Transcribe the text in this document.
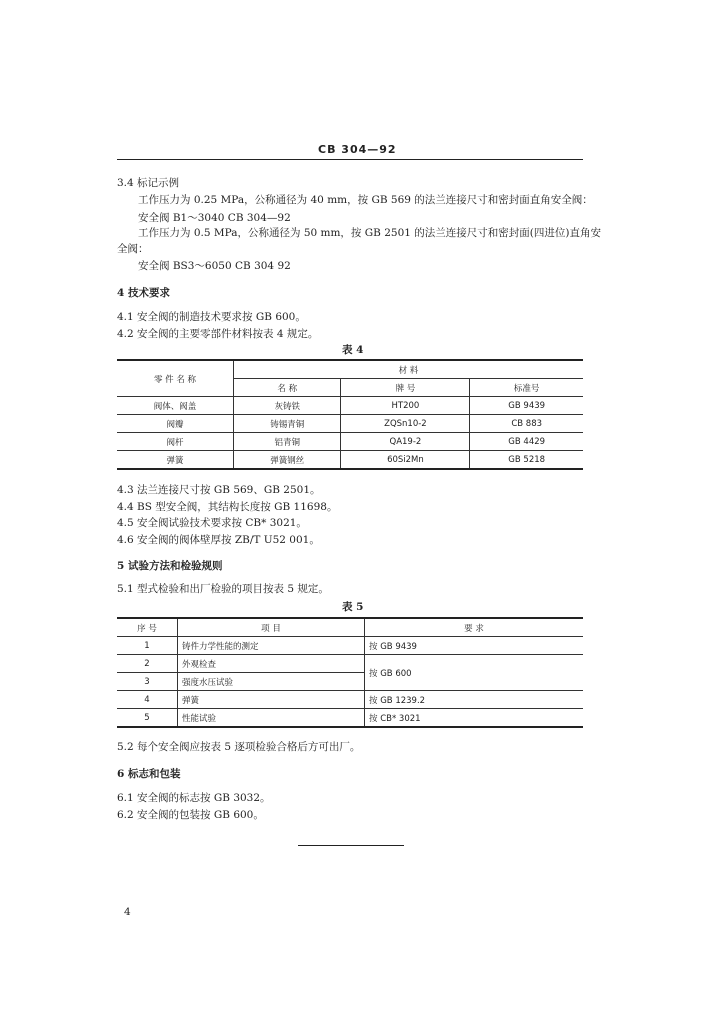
CB 304—92
3.4 标记示例
工作压力为 0.25 MPa，公称通径为 40 mm，按 GB 569 的法兰连接尺寸和密封面直角安全阀：
安全阀 B1～3040 CB 304—92
工作压力为 0.5 MPa，公称通径为 50 mm，按 GB 2501 的法兰连接尺寸和密封面(四进位)直角安
全阀：
安全阀 BS3～6050 CB 304 92
4 技术要求
4.1 安全阀的制造技术要求按 GB 600。
4.2 安全阀的主要零部件材料按表 4 规定。
表 4
零 件 名 称	材 料		
	名 称	牌 号	标准号
阀体、阀盖	灰铸铁	HT200	GB 9439
阀瓣	铸锡青铜	ZQSn10-2	CB 883
阀杆	铝青铜	QA19-2	GB 4429
弹簧	弹簧钢丝	60Si2Mn	GB 5218
4.3 法兰连接尺寸按 GB 569、GB 2501。
4.4 BS 型安全阀，其结构长度按 GB 11698。
4.5 安全阀试验技术要求按 CB* 3021。
4.6 安全阀的阀体壁厚按 ZB/T U52 001。
5 试验方法和检验规则
5.1 型式检验和出厂检验的项目按表 5 规定。
表 5
序 号	项 目	要 求
1	铸件力学性能的测定	按 GB 9439
2	外观检查	按 GB 600
3	强度水压试验	
4	弹簧	按 GB 1239.2
5	性能试验	按 CB* 3021
5.2 每个安全阀应按表 5 逐项检验合格后方可出厂。
6 标志和包装
6.1 安全阀的标志按 GB 3032。
6.2 安全阀的包装按 GB 600。
4
